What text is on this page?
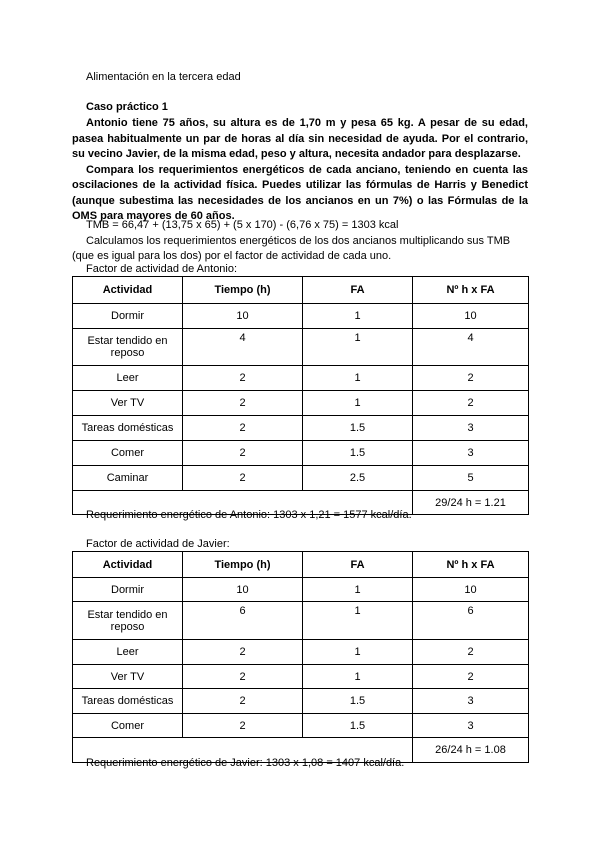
Alimentación en la tercera edad
Caso práctico 1

Antonio tiene 75 años, su altura es de 1,70 m y pesa 65 kg. A pesar de su edad, pasea habitualmente un par de horas al día sin necesidad de ayuda. Por el contrario, su vecino Javier, de la misma edad, peso y altura, necesita andador para desplazarse.

Compara los requerimientos energéticos de cada anciano, teniendo en cuenta las oscilaciones de la actividad física. Puedes utilizar las fórmulas de Harris y Benedict (aunque subestima las necesidades de los ancianos en un 7%) o las Fórmulas de la OMS para mayores de 60 años.

TMB = 66,47 + (13,75 x 65) + (5 x 170) - (6,76 x 75) = 1303 kcal

Calculamos los requerimientos energéticos de los dos ancianos multiplicando sus TMB (que es igual para los dos) por el factor de actividad de cada uno.

Factor de actividad de Antonio:
Actividad	Tiempo (h)	FA	Nº h x FA
Dormir	10	1	10
Estar tendido en reposo	4	1	4
Leer	2	1	2
Ver TV	2	1	2
Tareas domésticas	2	1.5	3
Comer	2	1.5	3
Caminar	2	2.5	5
			29/24 h = 1.21
Requerimiento energético de Antonio: 1303 x 1,21 = 1577 kcal/día.
Factor de actividad de Javier:
Actividad	Tiempo (h)	FA	Nº h x FA
Dormir	10	1	10
Estar tendido en reposo	6	1	6
Leer	2	1	2
Ver TV	2	1	2
Tareas domésticas	2	1.5	3
Comer	2	1.5	3
			26/24 h = 1.08
Requerimiento energético de Javier: 1303 x 1,08 = 1407 kcal/día.
